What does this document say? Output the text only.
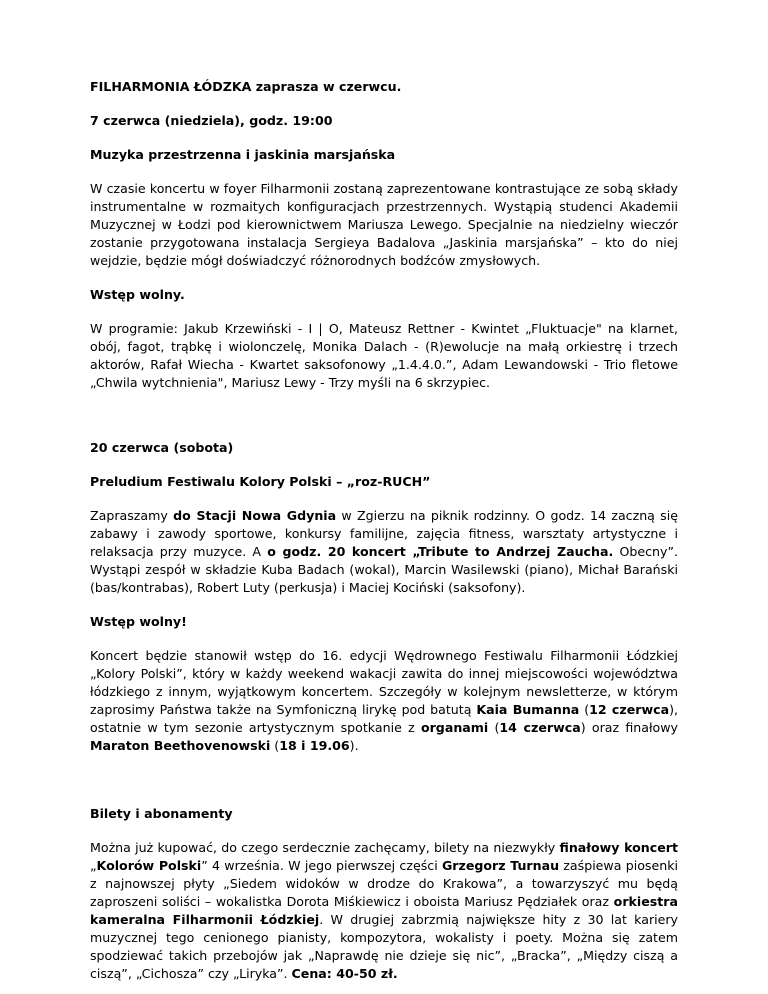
FILHARMONIA ŁÓDZKA zaprasza w czerwcu.

7 czerwca (niedziela), godz. 19:00

Muzyka przestrzenna i jaskinia marsjańska

W czasie koncertu w foyer Filharmonii zostaną zaprezentowane kontrastujące ze sobą składy instrumentalne w rozmaitych konfiguracjach przestrzennych. Wystąpią studenci Akademii Muzycznej w Łodzi pod kierownictwem Mariusza Lewego. Specjalnie na niedzielny wieczór zostanie przygotowana instalacja Sergieya Badalova „Jaskinia marsjańska” – kto do niej wejdzie, będzie mógł doświadczyć różnorodnych bodźców zmysłowych.

Wstęp wolny.

W programie: Jakub Krzewiński - I | O, Mateusz Rettner - Kwintet „Fluktuacje" na klarnet, obój, fagot, trąbkę i wiolonczelę, Monika Dalach - (R)ewolucje na małą orkiestrę i trzech aktorów, Rafał Wiecha - Kwartet saksofonowy „1.4.4.0.”, Adam Lewandowski - Trio fletowe „Chwila wytchnienia", Mariusz Lewy - Trzy myśli na 6 skrzypiec.

20 czerwca (sobota)

Preludium Festiwalu Kolory Polski – „roz-RUCH”

Zapraszamy do Stacji Nowa Gdynia w Zgierzu na piknik rodzinny. O godz. 14 zaczną się zabawy i zawody sportowe, konkursy familijne, zajęcia fitness, warsztaty artystyczne i relaksacja przy muzyce. A o godz. 20 koncert „Tribute to Andrzej Zaucha. Obecny”. Wystąpi zespół w składzie Kuba Badach (wokal), Marcin Wasilewski (piano), Michał Barański (bas/kontrabas), Robert Luty (perkusja) i Maciej Kociński (saksofony).

Wstęp wolny!

Koncert będzie stanowił wstęp do 16. edycji Wędrownego Festiwalu Filharmonii Łódzkiej „Kolory Polski”, który w każdy weekend wakacji zawita do innej miejscowości województwa łódzkiego z innym, wyjątkowym koncertem. Szczegóły w kolejnym newsletterze, w którym zaprosimy Państwa także na Symfoniczną lirykę pod batutą Kaia Bumanna (12 czerwca), ostatnie w tym sezonie artystycznym spotkanie z organami (14 czerwca) oraz finałowy Maraton Beethovenowski (18 i 19.06).

Bilety i abonamenty

Można już kupować, do czego serdecznie zachęcamy, bilety na niezwykły finałowy koncert „Kolorów Polski” 4 września. W jego pierwszej części Grzegorz Turnau zaśpiewa piosenki z najnowszej płyty „Siedem widoków w drodze do Krakowa”, a towarzyszyć mu będą zaproszeni soliści – wokalistka Dorota Miśkiewicz i oboista Mariusz Pędziałek oraz orkiestra kameralna Filharmonii Łódzkiej. W drugiej zabrzmią największe hity z 30 lat kariery muzycznej tego cenionego pianisty, kompozytora, wokalisty i poety. Można się zatem spodziewać takich przebojów jak „Naprawdę nie dzieje się nic”, „Bracka”, „Między ciszą a ciszą”, „Cichosza” czy „Liryka”. Cena: 40-50 zł.
